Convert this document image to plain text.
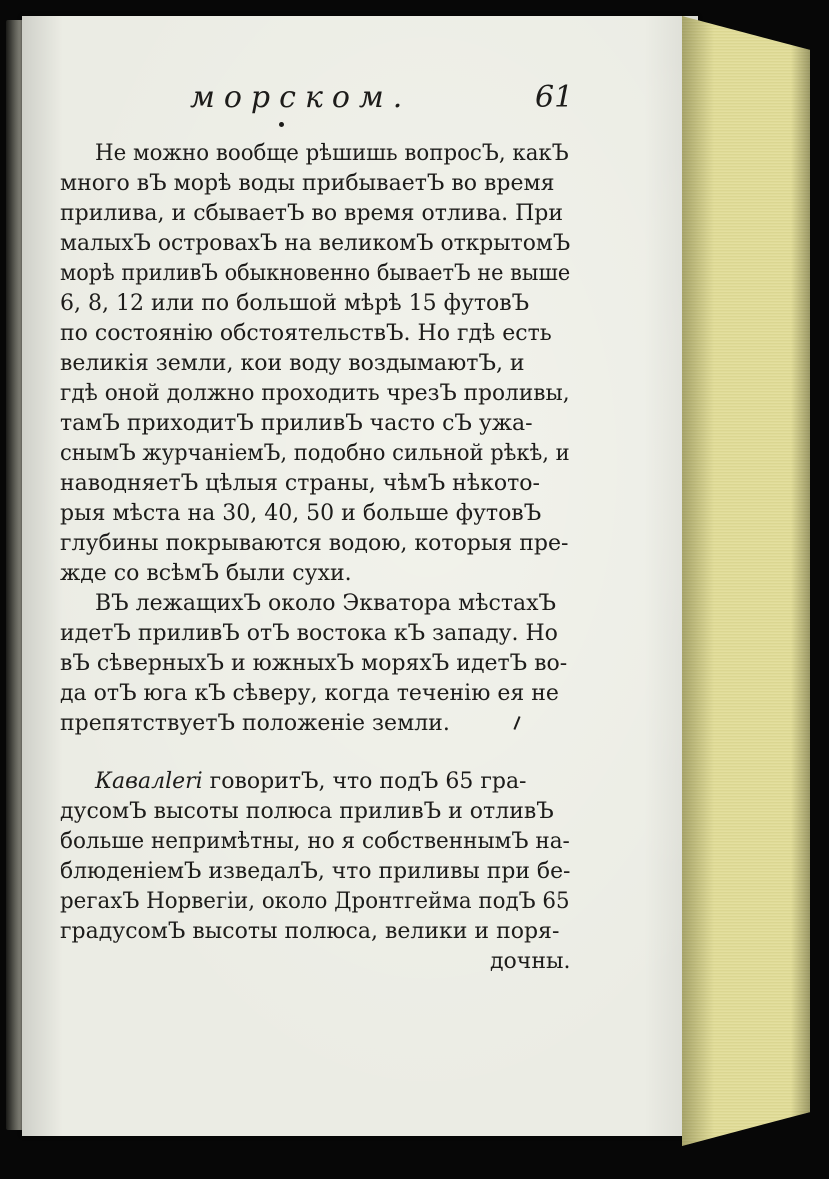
морском.	61
Не можно вообще рѣшишь вопросЪ, какЪ
много вЪ морѣ воды прибываетЪ во время
прилива, и сбываетЪ во время отлива. При
малыхЪ островахЪ на великомЪ открытомЪ
морѣ приливЪ обыкновенно бываетЪ не выше
6, 8, 12 или по большой мѣрѣ 15 футовЪ
по состоянію обстоятельствЪ. Но гдѣ есть
великія земли, кои воду воздымаютЪ, и
гдѣ оной должно проходить чрезЪ проливы,
тамЪ приходитЪ приливЪ часто сЪ ужа-
снымЪ журчаніемЪ, подобно сильной рѣкѣ, и
наводняетЪ цѣлыя страны, чѣмЪ нѣкото-
рыя мѣста на 30, 40, 50 и больше футовЪ
глубины покрываются водою, которыя пре-
жде со всѣмЪ были сухи.
ВЪ лежащихЪ около Экватора мѣстахЪ
идетЪ приливЪ отЪ востока кЪ западу. Но
вЪ сѣверныхЪ и южныхЪ моряхЪ идетЪ во-
да отЪ юга кЪ сѣверу, когда теченію ея не
препятствуетЪ положеніе земли.
Кавалleri говоритЪ, что подЪ 65 гра-
дусомЪ высоты полюса приливЪ и отливЪ
больше непримѣтны, но я собственнымЪ на-
блюденіемЪ изведалЪ, что приливы при бе-
регахЪ Норвегіи, около Дронтгейма подЪ 65
градусомЪ высоты полюса, велики и поря-
дочны.
